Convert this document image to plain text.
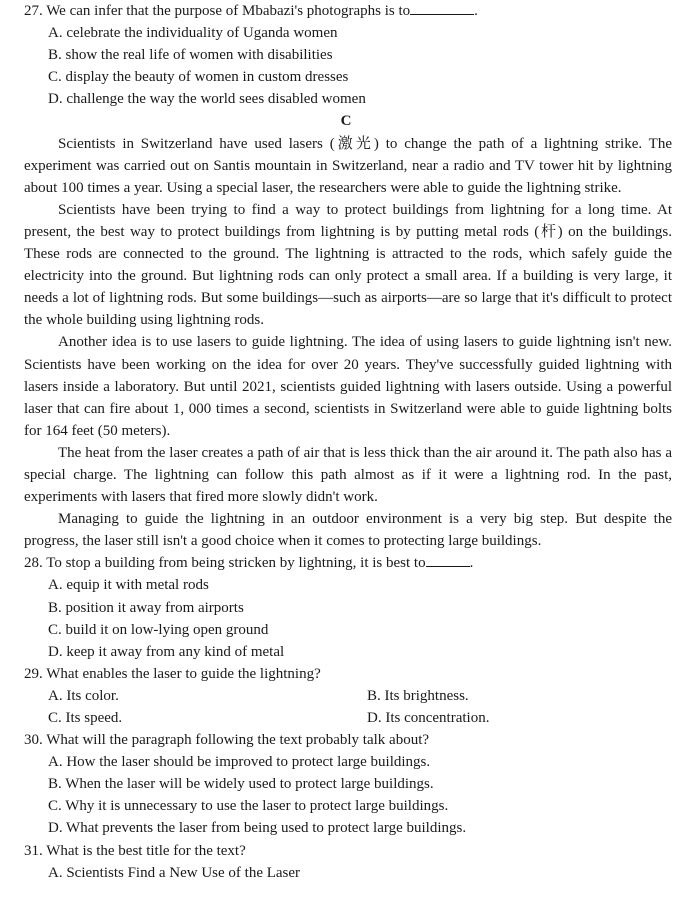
27. We can infer that the purpose of Mbabazi's photographs is to	.
A. celebrate the individuality of Uganda women
B. show the real life of women with disabilities
C. display the beauty of women in custom dresses
D. challenge the way the world sees disabled women
C
Scientists in Switzerland have used lasers (激光) to change the path of a lightning strike. The experiment was carried out on Santis mountain in Switzerland, near a radio and TV tower hit by lightning about 100 times a year. Using a special laser, the researchers were able to guide the lightning strike.
Scientists have been trying to find a way to protect buildings from lightning for a long time. At present, the best way to protect buildings from lightning is by putting metal rods (杆) on the buildings. These rods are connected to the ground. The lightning is attracted to the rods, which safely guide the electricity into the ground. But lightning rods can only protect a small area. If a building is very large, it needs a lot of lightning rods. But some buildings—such as airports—are so large that it's difficult to protect the whole building using lightning rods.
Another idea is to use lasers to guide lightning. The idea of using lasers to guide lightning isn't new. Scientists have been working on the idea for over 20 years. They've successfully guided lightning with lasers inside a laboratory. But until 2021, scientists guided lightning with lasers outside. Using a powerful laser that can fire about 1, 000 times a second, scientists in Switzerland were able to guide lightning bolts for 164 feet (50 meters).
The heat from the laser creates a path of air that is less thick than the air around it. The path also has a special charge. The lightning can follow this path almost as if it were a lightning rod. In the past, experiments with lasers that fired more slowly didn't work.
Managing to guide the lightning in an outdoor environment is a very big step. But despite the progress, the laser still isn't a good choice when it comes to protecting large buildings.
28. To stop a building from being stricken by lightning, it is best to	.
A. equip it with metal rods
B. position it away from airports
C. build it on low-lying open ground
D. keep it away from any kind of metal
29. What enables the laser to guide the lightning?
A. Its color.	B. Its brightness.
C. Its speed.	D. Its concentration.
30. What will the paragraph following the text probably talk about?
A. How the laser should be improved to protect large buildings.
B. When the laser will be widely used to protect large buildings.
C. Why it is unnecessary to use the laser to protect large buildings.
D. What prevents the laser from being used to protect large buildings.
31. What is the best title for the text?
A. Scientists Find a New Use of the Laser
